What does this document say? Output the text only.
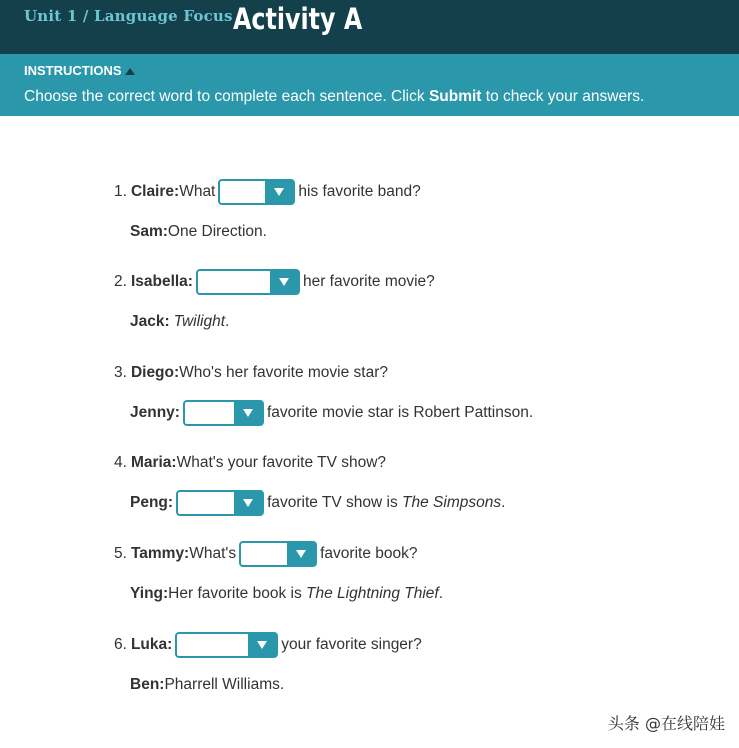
Unit 1 / Language Focus Activity A
INSTRUCTIONS
Choose the correct word to complete each sentence. Click Submit to check your answers.
1. Claire: What	his favorite band?
Sam: One Direction.
2. Isabella:	her favorite movie?
Jack: Twilight .
3. Diego: Who's her favorite movie star?
Jenny:	favorite movie star is Robert Pattinson.
4. Maria: What's your favorite TV show?
Peng:	favorite TV show is
The Simpsons .
5. Tammy: What's	favorite book?
Ying: Her favorite book is
The Lightning Thief .
6. Luka:	your favorite singer?
Ben: Pharrell Williams.
头条 @在线陪娃
